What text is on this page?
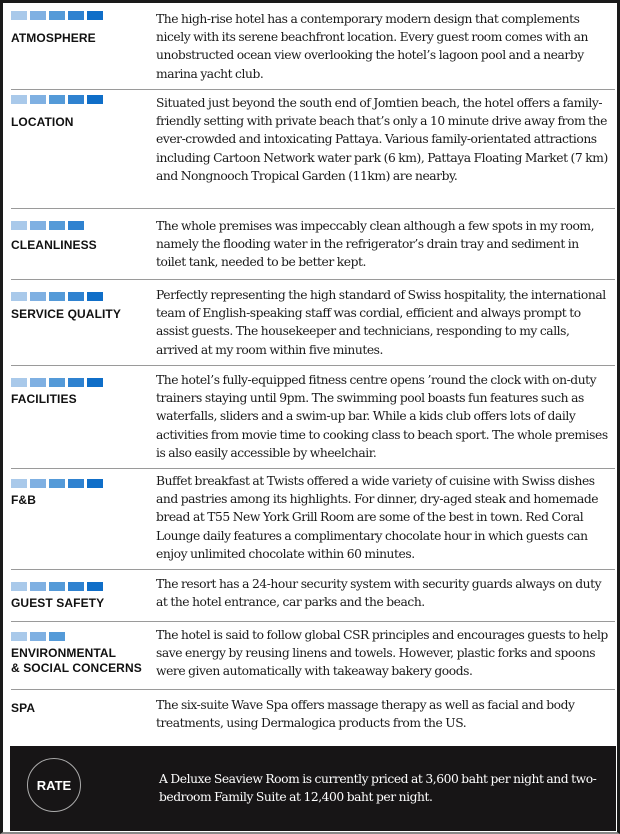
ATMOSPHERE
The high-rise hotel has a contemporary modern design that complements nicely with its serene beachfront location. Every guest room comes with an unobstructed ocean view overlooking the hotel’s lagoon pool and a nearby marina yacht club.
LOCATION
Situated just beyond the south end of Jomtien beach, the hotel offers a family-friendly setting with private beach that’s only a 10 minute drive away from the ever-crowded and intoxicating Pattaya. Various family-orientated attractions including Cartoon Network water park (6 km), Pattaya Floating Market (7 km) and Nongnooch Tropical Garden (11km) are nearby.
CLEANLINESS
The whole premises was impeccably clean although a few spots in my room, namely the flooding water in the refrigerator’s drain tray and sediment in toilet tank, needed to be better kept.
SERVICE QUALITY
Perfectly representing the high standard of Swiss hospitality, the international team of English-speaking staff was cordial, efficient and always prompt to assist guests. The housekeeper and technicians, responding to my calls, arrived at my room within five minutes.
FACILITIES
The hotel’s fully-equipped fitness centre opens ’round the clock with on-duty trainers staying until 9pm. The swimming pool boasts fun features such as waterfalls, sliders and a swim-up bar. While a kids club offers lots of daily activities from movie time to cooking class to beach sport. The whole premises is also easily accessible by wheelchair.
F&B
Buffet breakfast at Twists offered a wide variety of cuisine with Swiss dishes and pastries among its highlights. For dinner, dry-aged steak and homemade bread at T55 New York Grill Room are some of the best in town. Red Coral Lounge daily features a complimentary chocolate hour in which guests can enjoy unlimited chocolate within 60 minutes.
GUEST SAFETY
The resort has a 24-hour security system with security guards always on duty at the hotel entrance, car parks and the beach.
ENVIRONMENTAL
& SOCIAL CONCERNS
The hotel is said to follow global CSR principles and encourages guests to help save energy by reusing linens and towels. However, plastic forks and spoons were given automatically with takeaway bakery goods.
SPA	The six-suite Wave Spa offers massage therapy as well as facial and body treatments, using Dermalogica products from the US.
RATE	A Deluxe Seaview Room is currently priced at 3,600 baht per night and two-bedroom Family Suite at 12,400 baht per night.
